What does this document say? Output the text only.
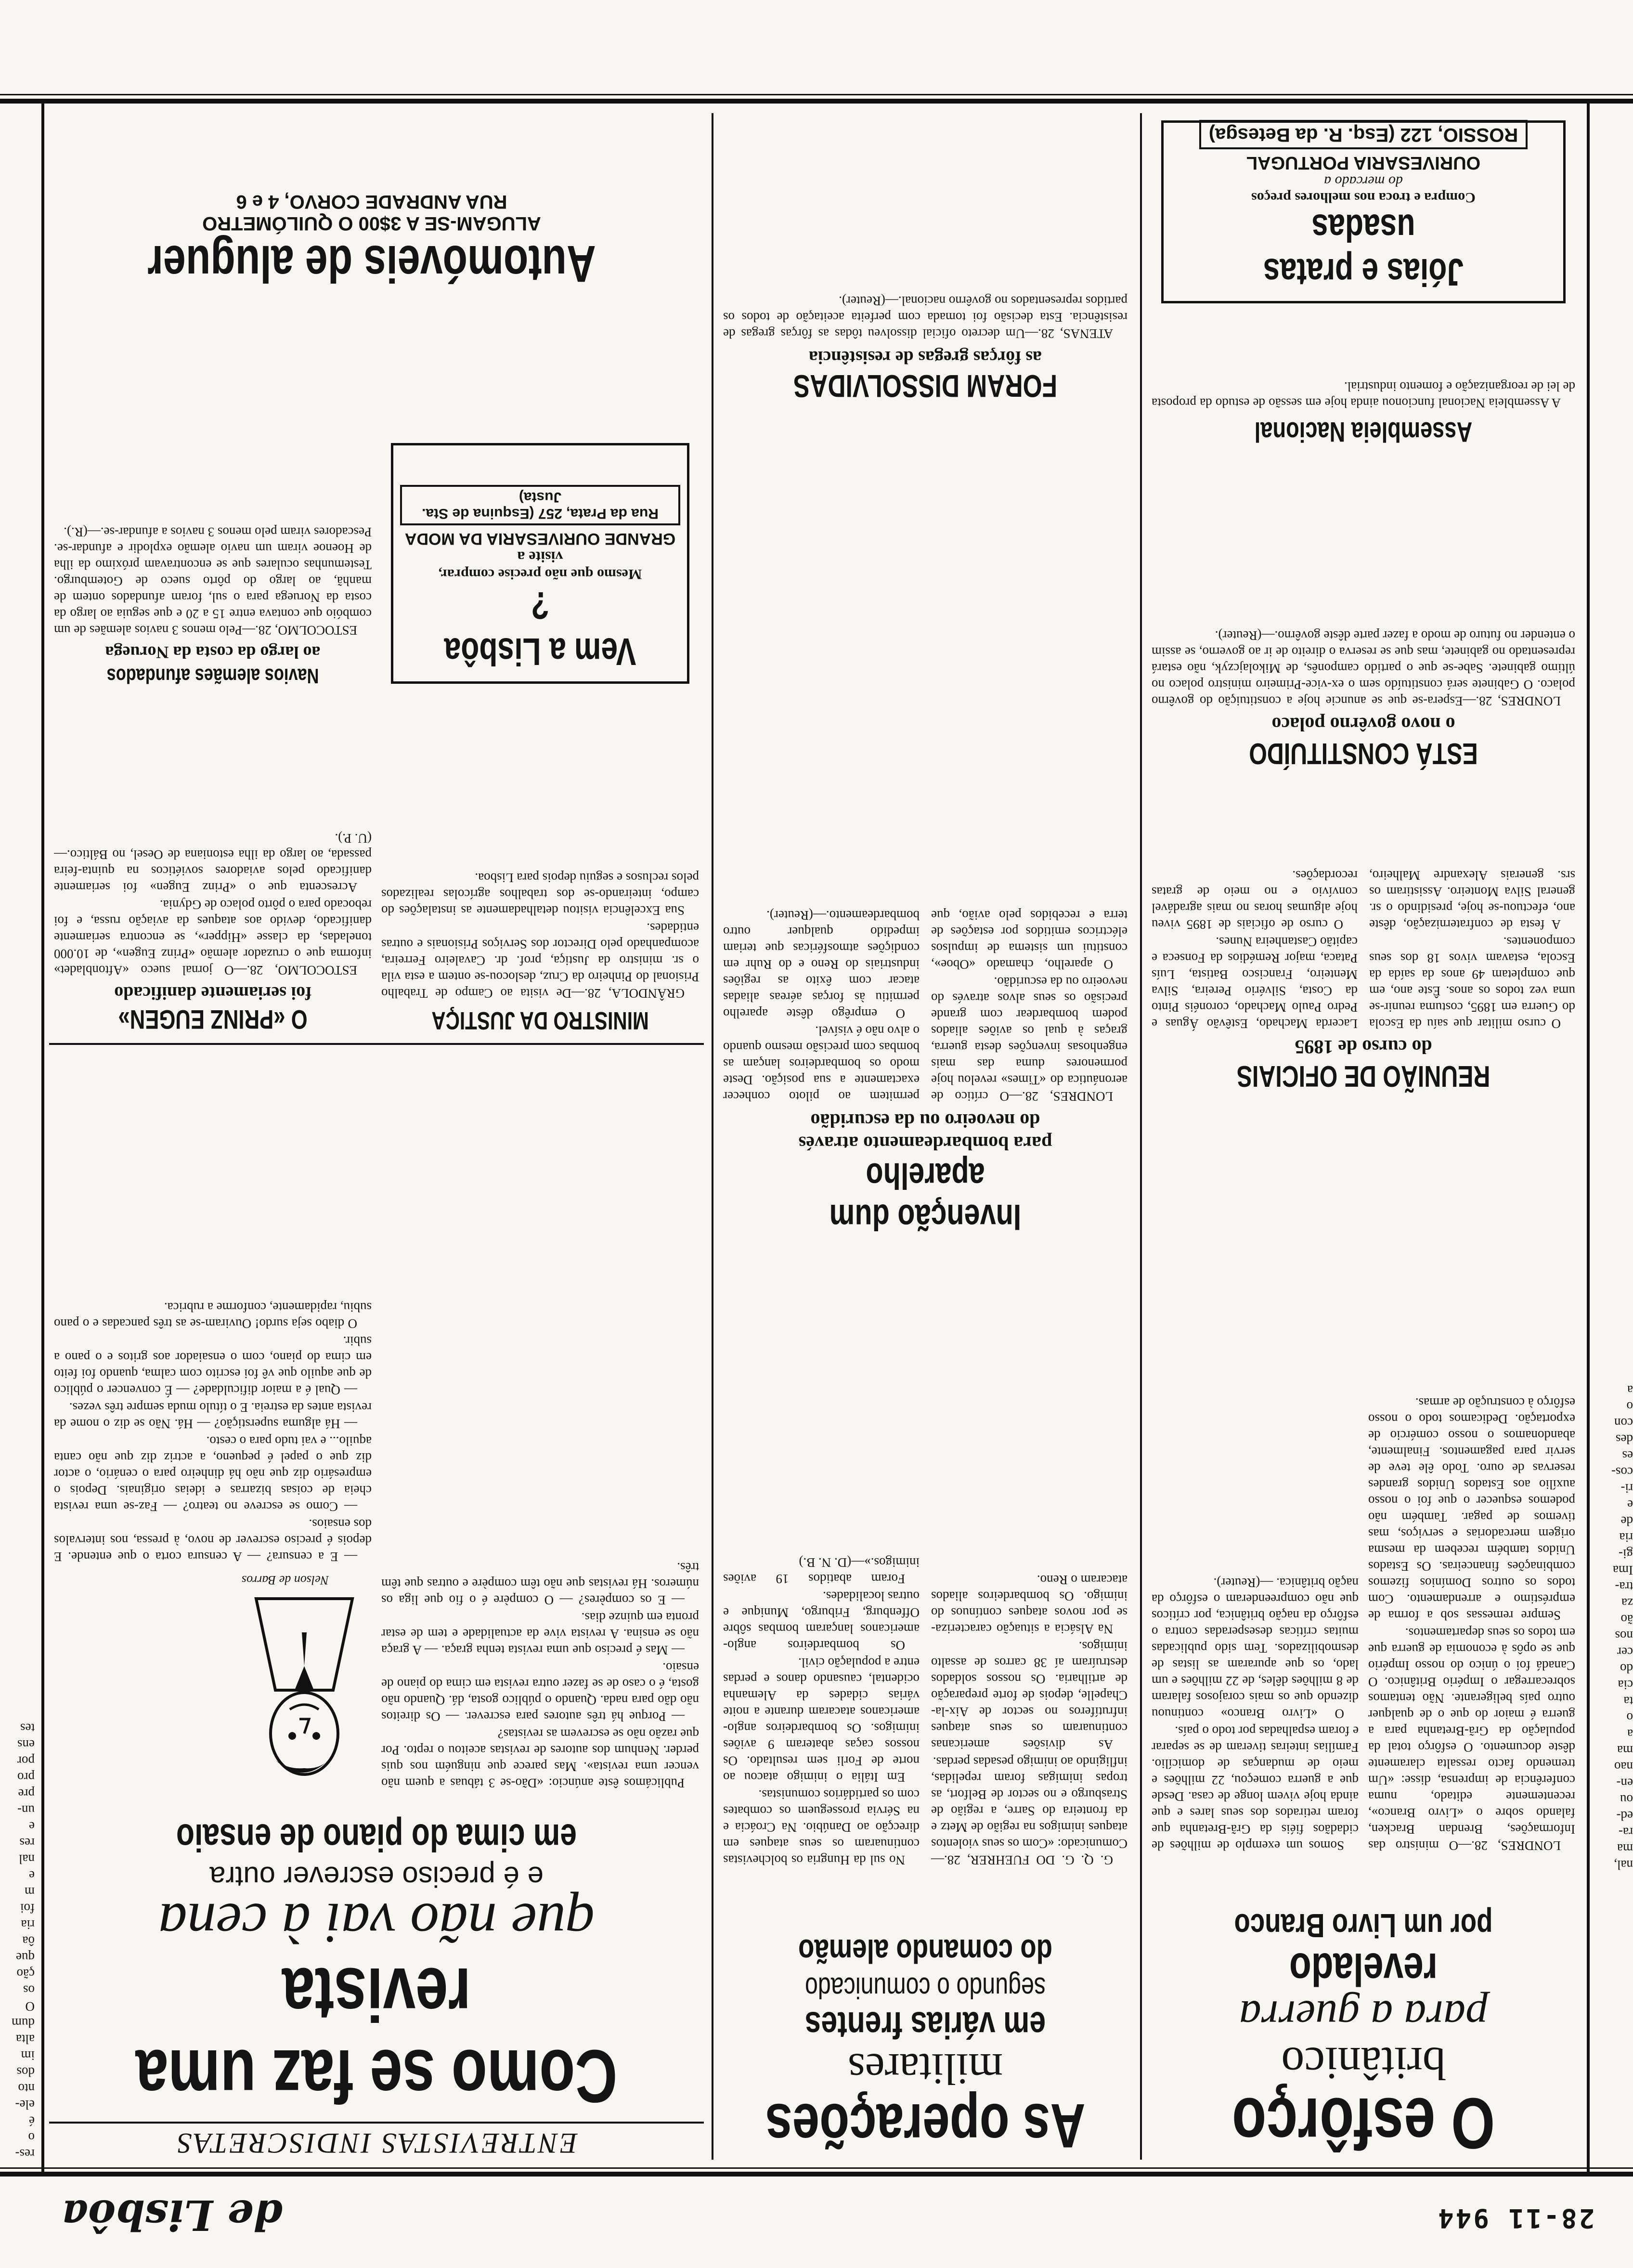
de Lisbôa	28-11 944
nal,
ma
ra-
ed-
ou
en-
nao
ma
a
o
ta
cia
do
cer
nos
ão
za
tra-
Ima
gi-
ria
de
e
ri-
cos-
es
des
con
o
a
res-
o
é
ele-
nto
dos
im
alta
dum
O
os
ção
que
ôa
ria
foi
m
e
nal
res
e
un-
pre
pro
por
ens
tes
O esfôrço
britânico
para a guerra
revelado
por um Livro Branco

LONDRES, 28.—O ministro das Informações, Brendan Bracken, falando sobre o «Livro Branco», recentemente editado, numa conferência de imprensa, disse: «Um tremendo facto ressalta claramente dêste documento. O esfôrço total da população da Grã-Bretanha para a guerra é maior do que o de qualquer outro país beligerante. Não tentamos sobrecarregar o Império Britânico. O Canadá foi o único do nosso Império que se opôs à economia de guerra que em todos os seus departamentos.

Sempre remessas sob a forma de empréstimo e arrendamento. Com todos os outros Domínios fizemos combinações financeiras. Os Estados Unidos também recebem da mesma origem mercadorias e serviços, mas tivemos de pagar. Também não podemos esquecer o que foi o nosso auxílio aos Estados Unidos grandes reservas de ouro. Todo êle teve de servir para pagamentos. Finalmente, abandonamos o nosso comércio de exportação. Dedicamos todo o nosso esfôrço à construção de armas.

Somos um exemplo de milhões de cidadãos fiéis da Grã-Bretanha que foram retirados dos seus lares e que ainda hoje vivem longe de casa. Desde que a guerra começou, 22 milhões e meio de mudanças de domicílio. Famílias inteiras tiveram de se separar e foram espalhadas por todo o país.

O «Livro Branco» continuou dizendo que os mais corajosos falaram de 8 milhões dêles, de 22 milhões e um lado, os que apuraram as listas de desmobilizados. Tem sido publicadas muitas críticas desesperadas contra o esfôrço da nação britânica, por críticos que não compreenderam o esfôrço da nação britânica. —(Reuter).

REUNIÃO DE OFICIAIS
do curso de 1895

O curso militar que saíu da Escola do Guerra em 1895, costuma reunir-se uma vez todos os anos. Êste ano, em que completam 49 anos da saída da Escola, estavam vivos 18 dos seus componentes.

A festa de confraternização, dêste ano, efectuou-se hoje, presidindo o sr. general Silva Monteiro. Assistiram os srs. generais Alexandre Malheiro, Lacerda Machado, Estêvão Águas e Pedro Paulo Machado, coronéis Pinto da Costa, Silvério Pereira, Silva Menteiro, Francisco Batista, Luís Pataca, major Remédios da Fonseca e capitão Castanheira Nunes.

O curso de oficiais de 1895 viveu hoje algumas horas no mais agradável convívio e no meio de gratas recordações.

ESTÁ CONSTITUÍDO
o novo govêrno polaco

LONDRES, 28.—Espera-se que se anuncie hoje a constituição do govêrno polaco. O Gabinete será constituído sem o ex-vice-Primeiro ministro polaco no último gabinete. Sabe-se que o partido camponês, de Mikolajczyk, não estará representado no gabinete, mas que se reserva o direito de ir ao governo, se assim o entender no futuro de modo a fazer parte dêste govêrno.—(Reuter).

Assembleia Nacional

A Assembleia Nacional funcionou ainda hoje em sessão de estudo da proposta de lei de reorganização e fomento industrial.

Jóias e pratas usadas
Compra e troca nos melhores preços
do mercado a
OURIVESARIA PORTUGAL
ROSSIO, 122 (Esq. R. da Betesga)
As operações
militares
em várias frentes
segundo o comunicado
do comando alemão

G. Q. G. DO FUEHRER, 28.—Comunicado: «Com os seus violentos ataques inimigos na região de Metz e da fronteira do Sarre, a região de Strasburgo e no sector de Belfort, as tropas inimigas foram repelidas, infligindo ao inimigo pesadas perdas.

As divisões americanas continuaram os seus ataques infrutíferos no sector de Aix-la-Chapelle, depois de forte preparação de artilharia. Os nossos soldados destruíram aí 38 carros de assalto inimigos.

Na Alsácia a situação caracteriza-se por novos ataques contínuos do inimigo. Os bombardeiros aliados atacaram o Reno.

No sul da Hungria os bolchevistas continuaram os seus ataques em direcção ao Danúbio. Na Croácia e na Sérvia prosseguem os combates com os partidários comunistas.

Em Itália o inimigo atacou ao norte de Forli sem resultado. Os nossos caças abateram 9 aviões inimigos. Os bombardeiros anglo-americanos atacaram durante a noite várias cidades da Alemanha ocidental, causando danos e perdas entre a população civil.

Os bombardeiros anglo-americanos lançaram bombas sôbre Offenburg, Friburgo, Munique e outras localidades.

Foram abatidos 19 aviões inimigos.»—(D. N. B.)

Invenção dum aparelho
para bombardeamento através
do nevoeiro ou da escuridão

LONDRES, 28.—O crítico de aeronáutica do «Times» revelou hoje pormenores duma das mais engenhosas invenções desta guerra, graças à qual os aviões aliados podem bombardear com grande precisão os seus alvos através do nevoeiro ou da escuridão.

O aparelho, chamado «Oboe», constitui um sistema de impulsos eléctricos emitidos por estações de terra e recebidos pelo avião, que permitem ao piloto conhecer exactamente a sua posição. Deste modo os bombardeiros lançam as bombas com precisão mesmo quando o alvo não é visível.

O emprêgo dêste aparelho permitiu às forças aéreas aliadas atacar com êxito as regiões industriais do Reno e do Ruhr em condições atmosféricas que teriam impedido qualquer outro bombardeamento.—(Reuter).

FORAM DISSOLVIDAS
as fôrças gregas de resistência

ATENAS, 28.—Um decreto oficial dissolveu tôdas as fôrças gregas de resistência. Esta decisão foi tomada com perfeita aceitação de todos os partidos representados no govêrno nacional.—(Reuter).

ENTREVISTAS INDISCRETAS
Como se faz uma revista
que não vai à cena
e é preciso escrever outra
em cima do piano de ensaio
Nelson de Barros

Publicámos êste anúncio: «Dão-se 3 tábuas a quem não vencer uma revista». Mas parece que ninguém nos quis perder. Nenhum dos autores de revistas aceitou o repto. Por que razão não se escrevem as revistas?

— Porque há três autores para escrever. — Os direitos não dão para nada. Quando o público gosta, dá. Quando não gosta, é o caso de se fazer outra revista em cima do piano de ensaio.

— Mas é preciso que uma revista tenha graça. — A graça não se ensina. A revista vive da actualidade e tem de estar pronta em quinze dias.

— E os compères? — O compère é o fio que liga os números. Há revistas que não têm compère e outras que têm três.

— E a censura? — A censura corta o que entende. E depois é preciso escrever de novo, à pressa, nos intervalos dos ensaios.

— Como se escreve no teatro? — Faz-se uma revista cheia de coisas bizarras e ideias originais. Depois o empresário diz que não há dinheiro para o cenário, o actor diz que o papel é pequeno, a actriz diz que não canta aquilo... e vai tudo para o cesto.

— Há alguma superstição? — Há. Não se diz o nome da revista antes da estreia. E o título muda sempre três vezes.

— Qual é a maior dificuldade? — É convencer o público de que aquilo que vê foi escrito com calma, quando foi feito em cima do piano, com o ensaiador aos gritos e o pano a subir.

O diabo seja surdo! Ouviram-se as três pancadas e o pano subiu, rapidamente, conforme a rubrica.

MINISTRO DA JUSTIÇA

GRÂNDOLA, 28.—De visita ao Campo de Trabalho Prisional do Pinheiro da Cruz, deslocou-se ontem a esta vila o sr. ministro da Justiça, prof. dr. Cavaleiro Ferreira, acompanhado pelo Director dos Serviços Prisionais e outras entidades.

Sua Excelência visitou detalhadamente as instalações do campo, inteirando-se dos trabalhos agrícolas realizados pelos reclusos e seguiu depois para Lisboa.

O «PRINZ EUGEN»
foi seriamente danificado

ESTOCOLMO, 28.—O jornal sueco «Aftonbladet» informa que o cruzador alemão «Prinz Eugen», de 10.000 toneladas, da classe «Hipper», se encontra seriamente danificado, devido aos ataques da aviação russa, e foi rebocado para o pôrto polaco de Gdynia.

Acrescenta que o «Prinz Eugen» foi seriamente danificado pelos aviadores soviéticos na quinta-feira passada, ao largo da ilha estoniana de Oesel, no Báltico.—(U. P.).

Navios alemães afundados
ao largo da costa da Noruega

ESTOCOLMO, 28.—Pelo menos 3 navios alemães de um combóio que contava entre 15 a 20 e que seguia ao largo da costa da Noruega para o sul, foram afundados ontem de manhã, ao largo do pôrto sueco de Gotemburgo. Testemunhas oculares que se encontravam próximo da ilha de Hoenoe viram um navio alemão explodir e afundar-se. Pescadores viram pelo menos 3 navios a afundar-se.—(R.).

Vem a Lisbôa ?
Mesmo que não precise comprar,
visite a
GRANDE OURIVESARIA DA MODA
Rua da Prata, 257 (Esquina de Sta. Justa)
Automóveis de aluguer
ALUGAM-SE A 3$00 O QUILÓMETRO
RUA ANDRADE CORVO, 4 e 6
